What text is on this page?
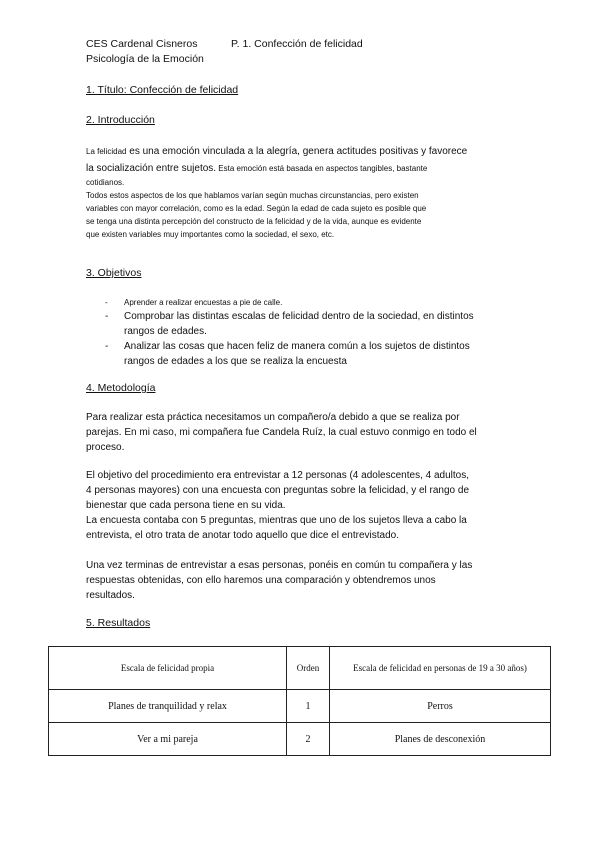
CES Cardenal Cisneros	P. 1. Confección de felicidad
Psicología de la Emoción
1. Título: Confección de felicidad
2. Introducción
La felicidad es una emoción vinculada a la alegría, genera actitudes positivas y favorece
la socialización entre sujetos. Esta emoción está basada en aspectos tangibles, bastante
cotidianos.
Todos estos aspectos de los que hablamos varían según muchas circunstancias, pero existen
variables con mayor correlación, como es la edad. Según la edad de cada sujeto es posible que
se tenga una distinta percepción del constructo de la felicidad y de la vida, aunque es evidente
que existen variables muy importantes como la sociedad, el sexo, etc.
3. Objetivos
- Aprender a realizar encuestas a pie de calle.
- Comprobar las distintas escalas de felicidad dentro de la sociedad, en distintos
rangos de edades.
- Analizar las cosas que hacen feliz de manera común a los sujetos de distintos
rangos de edades a los que se realiza la encuesta
4. Metodología
Para realizar esta práctica necesitamos un compañero/a debido a que se realiza por
parejas. En mi caso, mi compañera fue Candela Ruíz, la cual estuvo conmigo en todo el
proceso.
El objetivo del procedimiento era entrevistar a 12 personas (4 adolescentes, 4 adultos,
4 personas mayores) con una encuesta con preguntas sobre la felicidad, y el rango de
bienestar que cada persona tiene en su vida.
La encuesta contaba con 5 preguntas, mientras que uno de los sujetos lleva a cabo la
entrevista, el otro trata de anotar todo aquello que dice el entrevistado.
Una vez terminas de entrevistar a esas personas, ponéis en común tu compañera y las
respuestas obtenidas, con ello haremos una comparación y obtendremos unos
resultados.
5. Resultados
Escala de felicidad propia	Orden	Escala de felicidad en personas de 19 a 30 años)
Planes de tranquilidad y relax	1	Perros
Ver a mi pareja	2	Planes de desconexión
